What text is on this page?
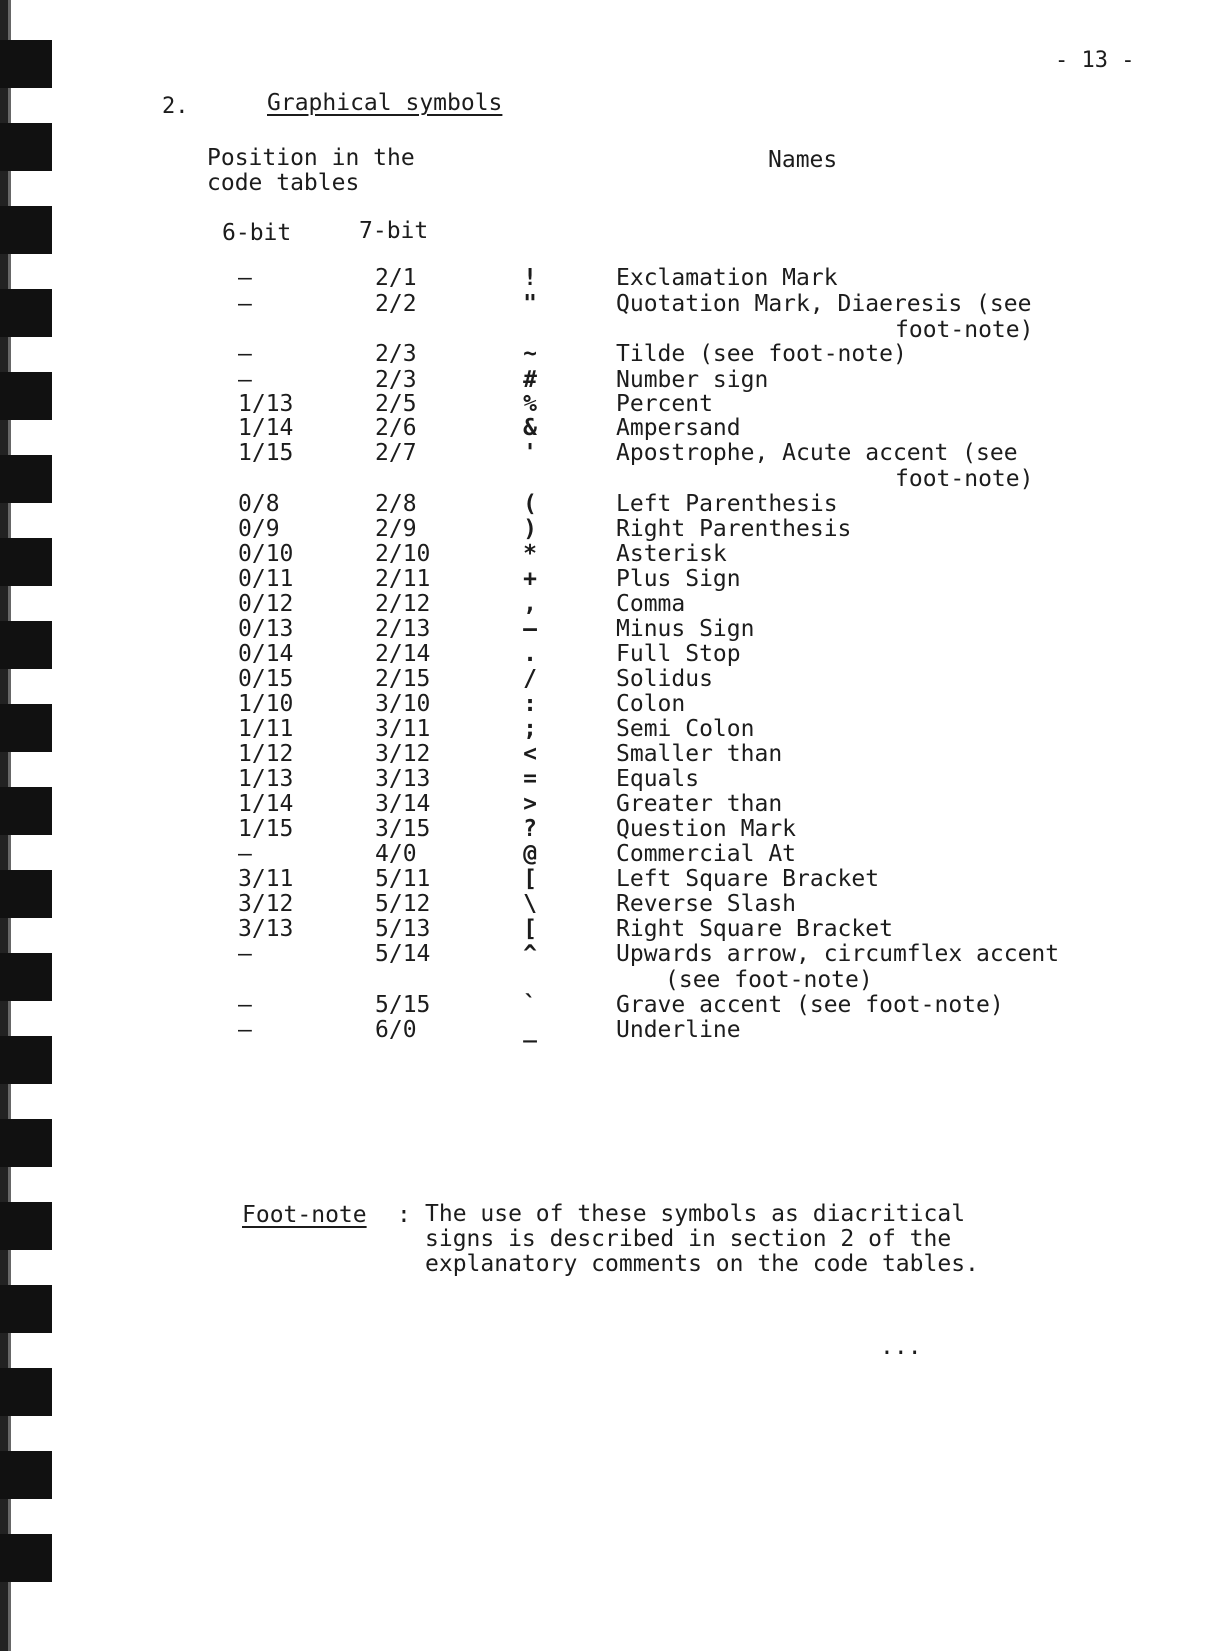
- 13 -
2.	Graphical symbols
Position in the
code tables
Names
6-bit	7-bit
–	2/1	!	Exclamation Mark
–	2/2	"	Quotation Mark, Diaeresis (see
foot-note)
–	2/3	~	Tilde (see foot-note)
–	2/3	#	Number sign
1/13	2/5	%	Percent
1/14	2/6	&	Ampersand
1/15	2/7	'	Apostrophe, Acute accent (see
foot-note)
0/8	2/8	(	Left Parenthesis
0/9	2/9	)	Right Parenthesis
0/10	2/10	*	Asterisk
0/11	2/11	+	Plus Sign
0/12	2/12	,	Comma
0/13	2/13	–	Minus Sign
0/14	2/14	.	Full Stop
0/15	2/15	/	Solidus
1/10	3/10	:	Colon
1/11	3/11	;	Semi Colon
1/12	3/12	<	Smaller than
1/13	3/13	=	Equals
1/14	3/14	>	Greater than
1/15	3/15	?	Question Mark
–	4/0	@	Commercial At
3/11	5/11	[	Left Square Bracket
3/12	5/12	\	Reverse Slash
3/13	5/13	[	Right Square Bracket
–	5/14	^	Upwards arrow, circumflex accent
(see foot-note)
–	5/15	`	Grave accent (see foot-note)
–	6/0	_	Underline
Foot-note : The use of these symbols as diacritical
signs is described in section 2 of the
explanatory comments on the code tables.
...
